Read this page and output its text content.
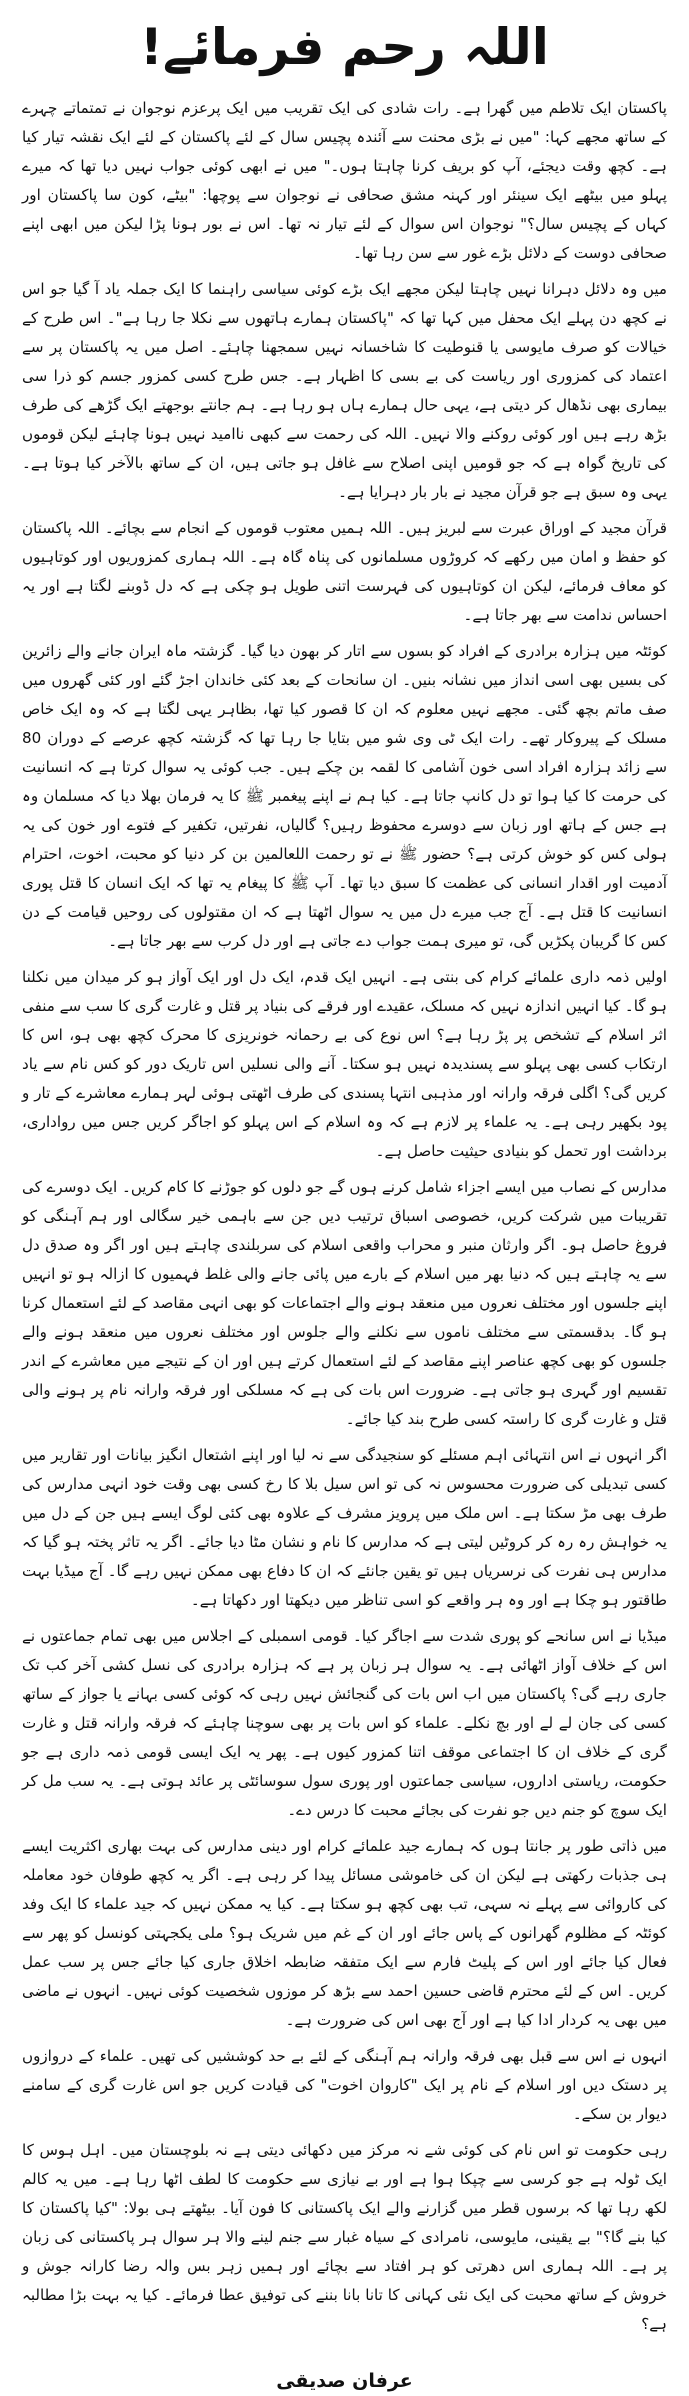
اللہ رحم فرمائے!

پاکستان ایک تلاطم میں گھرا ہے۔ رات شادی کی ایک تقریب میں ایک پرعزم نوجوان نے تمتماتے چہرے کے ساتھ مجھے کہا: "میں نے بڑی محنت سے آئندہ پچیس سال کے لئے پاکستان کے لئے ایک نقشہ تیار کیا ہے۔ کچھ وقت دیجئے، آپ کو بریف کرنا چاہتا ہوں۔" میں نے ابھی کوئی جواب نہیں دیا تھا کہ میرے پہلو میں بیٹھے ایک سینئر اور کہنہ مشق صحافی نے نوجوان سے پوچھا: "بیٹے، کون سا پاکستان اور کہاں کے پچیس سال؟" نوجوان اس سوال کے لئے تیار نہ تھا۔ اس نے بور ہونا پڑا لیکن میں ابھی اپنے صحافی دوست کے دلائل بڑے غور سے سن رہا تھا۔

میں وہ دلائل دہرانا نہیں چاہتا لیکن مجھے ایک بڑے کوئی سیاسی راہنما کا ایک جملہ یاد آ گیا جو اس نے کچھ دن پہلے ایک محفل میں کہا تھا کہ "پاکستان ہمارے ہاتھوں سے نکلا جا رہا ہے"۔ اس طرح کے خیالات کو صرف مایوسی یا قنوطیت کا شاخسانہ نہیں سمجھنا چاہئے۔ اصل میں یہ پاکستان پر سے اعتماد کی کمزوری اور ریاست کی بے بسی کا اظہار ہے۔ جس طرح کسی کمزور جسم کو ذرا سی بیماری بھی نڈھال کر دیتی ہے، یہی حال ہمارے ہاں ہو رہا ہے۔ ہم جانتے بوجھتے ایک گڑھے کی طرف بڑھ رہے ہیں اور کوئی روکنے والا نہیں۔ اللہ کی رحمت سے کبھی ناامید نہیں ہونا چاہئے لیکن قوموں کی تاریخ گواہ ہے کہ جو قومیں اپنی اصلاح سے غافل ہو جاتی ہیں، ان کے ساتھ بالآخر کیا ہوتا ہے۔ یہی وہ سبق ہے جو قرآن مجید نے بار بار دہرایا ہے۔

قرآن مجید کے اوراق عبرت سے لبریز ہیں۔ اللہ ہمیں معتوب قوموں کے انجام سے بچائے۔ اللہ پاکستان کو حفظ و امان میں رکھے کہ کروڑوں مسلمانوں کی پناہ گاہ ہے۔ اللہ ہماری کمزوریوں اور کوتاہیوں کو معاف فرمائے، لیکن ان کوتاہیوں کی فہرست اتنی طویل ہو چکی ہے کہ دل ڈوبنے لگتا ہے اور یہ احساس ندامت سے بھر جاتا ہے۔

کوئٹہ میں ہزارہ برادری کے افراد کو بسوں سے اتار کر بھون دیا گیا۔ گزشتہ ماہ ایران جانے والے زائرین کی بسیں بھی اسی انداز میں نشانہ بنیں۔ ان سانحات کے بعد کئی خاندان اجڑ گئے اور کئی گھروں میں صف ماتم بچھ گئی۔ مجھے نہیں معلوم کہ ان کا قصور کیا تھا، بظاہر یہی لگتا ہے کہ وہ ایک خاص مسلک کے پیروکار تھے۔ رات ایک ٹی وی شو میں بتایا جا رہا تھا کہ گزشتہ کچھ عرصے کے دوران 80 سے زائد ہزارہ افراد اسی خون آشامی کا لقمہ بن چکے ہیں۔ جب کوئی یہ سوال کرتا ہے کہ انسانیت کی حرمت کا کیا ہوا تو دل کانپ جاتا ہے۔ کیا ہم نے اپنے پیغمبر ﷺ کا یہ فرمان بھلا دیا کہ مسلمان وہ ہے جس کے ہاتھ اور زبان سے دوسرے محفوظ رہیں؟ گالیاں، نفرتیں، تکفیر کے فتوے اور خون کی یہ ہولی کس کو خوش کرتی ہے؟ حضور ﷺ نے تو رحمت اللعالمین بن کر دنیا کو محبت، اخوت، احترام آدمیت اور اقدار انسانی کی عظمت کا سبق دیا تھا۔ آپ ﷺ کا پیغام یہ تھا کہ ایک انسان کا قتل پوری انسانیت کا قتل ہے۔ آج جب میرے دل میں یہ سوال اٹھتا ہے کہ ان مقتولوں کی روحیں قیامت کے دن کس کا گریبان پکڑیں گی، تو میری ہمت جواب دے جاتی ہے اور دل کرب سے بھر جاتا ہے۔

اولیں ذمہ داری علمائے کرام کی بنتی ہے۔ انہیں ایک قدم، ایک دل اور ایک آواز ہو کر میدان میں نکلنا ہو گا۔ کیا انہیں اندازہ نہیں کہ مسلک، عقیدے اور فرقے کی بنیاد پر قتل و غارت گری کا سب سے منفی اثر اسلام کے تشخص پر پڑ رہا ہے؟ اس نوع کی بے رحمانہ خونریزی کا محرک کچھ بھی ہو، اس کا ارتکاب کسی بھی پہلو سے پسندیدہ نہیں ہو سکتا۔ آنے والی نسلیں اس تاریک دور کو کس نام سے یاد کریں گی؟ اگلی فرقہ وارانہ اور مذہبی انتہا پسندی کی طرف اٹھتی ہوئی لہر ہمارے معاشرے کے تار و پود بکھیر رہی ہے۔ یہ علماء پر لازم ہے کہ وہ اسلام کے اس پہلو کو اجاگر کریں جس میں رواداری، برداشت اور تحمل کو بنیادی حیثیت حاصل ہے۔

مدارس کے نصاب میں ایسے اجزاء شامل کرنے ہوں گے جو دلوں کو جوڑنے کا کام کریں۔ ایک دوسرے کی تقریبات میں شرکت کریں، خصوصی اسباق ترتیب دیں جن سے باہمی خیر سگالی اور ہم آہنگی کو فروغ حاصل ہو۔ اگر وارثان منبر و محراب واقعی اسلام کی سربلندی چاہتے ہیں اور اگر وہ صدق دل سے یہ چاہتے ہیں کہ دنیا بھر میں اسلام کے بارے میں پائی جانے والی غلط فہمیوں کا ازالہ ہو تو انہیں اپنے جلسوں اور مختلف نعروں میں منعقد ہونے والے اجتماعات کو بھی انہی مقاصد کے لئے استعمال کرنا ہو گا۔ بدقسمتی سے مختلف ناموں سے نکلنے والے جلوس اور مختلف نعروں میں منعقد ہونے والے جلسوں کو بھی کچھ عناصر اپنے مقاصد کے لئے استعمال کرتے ہیں اور ان کے نتیجے میں معاشرے کے اندر تقسیم اور گہری ہو جاتی ہے۔ ضرورت اس بات کی ہے کہ مسلکی اور فرقہ وارانہ نام پر ہونے والی قتل و غارت گری کا راستہ کسی طرح بند کیا جائے۔

اگر انہوں نے اس انتہائی اہم مسئلے کو سنجیدگی سے نہ لیا اور اپنے اشتعال انگیز بیانات اور تقاریر میں کسی تبدیلی کی ضرورت محسوس نہ کی تو اس سیل بلا کا رخ کسی بھی وقت خود انہی مدارس کی طرف بھی مڑ سکتا ہے۔ اس ملک میں پرویز مشرف کے علاوہ بھی کئی لوگ ایسے ہیں جن کے دل میں یہ خواہش رہ رہ کر کروٹیں لیتی ہے کہ مدارس کا نام و نشان مٹا دیا جائے۔ اگر یہ تاثر پختہ ہو گیا کہ مدارس ہی نفرت کی نرسریاں ہیں تو یقین جانئے کہ ان کا دفاع بھی ممکن نہیں رہے گا۔ آج میڈیا بہت طاقتور ہو چکا ہے اور وہ ہر واقعے کو اسی تناظر میں دیکھتا اور دکھاتا ہے۔

میڈیا نے اس سانحے کو پوری شدت سے اجاگر کیا۔ قومی اسمبلی کے اجلاس میں بھی تمام جماعتوں نے اس کے خلاف آواز اٹھائی ہے۔ یہ سوال ہر زبان پر ہے کہ ہزارہ برادری کی نسل کشی آخر کب تک جاری رہے گی؟ پاکستان میں اب اس بات کی گنجائش نہیں رہی کہ کوئی کسی بہانے یا جواز کے ساتھ کسی کی جان لے لے اور بچ نکلے۔ علماء کو اس بات پر بھی سوچنا چاہئے کہ فرقہ وارانہ قتل و غارت گری کے خلاف ان کا اجتماعی موقف اتنا کمزور کیوں ہے۔ پھر یہ ایک ایسی قومی ذمہ داری ہے جو حکومت، ریاستی اداروں، سیاسی جماعتوں اور پوری سول سوسائٹی پر عائد ہوتی ہے۔ یہ سب مل کر ایک سوچ کو جنم دیں جو نفرت کی بجائے محبت کا درس دے۔

میں ذاتی طور پر جانتا ہوں کہ ہمارے جید علمائے کرام اور دینی مدارس کی بہت بھاری اکثریت ایسے ہی جذبات رکھتی ہے لیکن ان کی خاموشی مسائل پیدا کر رہی ہے۔ اگر یہ کچھ طوفان خود معاملہ کی کاروائی سے پہلے نہ سہی، تب بھی کچھ ہو سکتا ہے۔ کیا یہ ممکن نہیں کہ جید علماء کا ایک وفد کوئٹہ کے مظلوم گھرانوں کے پاس جائے اور ان کے غم میں شریک ہو؟ ملی یکجہتی کونسل کو پھر سے فعال کیا جائے اور اس کے پلیٹ فارم سے ایک متفقہ ضابطہ اخلاق جاری کیا جائے جس پر سب عمل کریں۔ اس کے لئے محترم قاضی حسین احمد سے بڑھ کر موزوں شخصیت کوئی نہیں۔ انہوں نے ماضی میں بھی یہ کردار ادا کیا ہے اور آج بھی اس کی ضرورت ہے۔

انہوں نے اس سے قبل بھی فرقہ وارانہ ہم آہنگی کے لئے بے حد کوششیں کی تھیں۔ علماء کے دروازوں پر دستک دیں اور اسلام کے نام پر ایک "کاروان اخوت" کی قیادت کریں جو اس غارت گری کے سامنے دیوار بن سکے۔

رہی حکومت تو اس نام کی کوئی شے نہ مرکز میں دکھائی دیتی ہے نہ بلوچستان میں۔ اہل ہوس کا ایک ٹولہ ہے جو کرسی سے چپکا ہوا ہے اور بے نیازی سے حکومت کا لطف اٹھا رہا ہے۔ میں یہ کالم لکھ رہا تھا کہ برسوں قطر میں گزارنے والے ایک پاکستانی کا فون آیا۔ بیٹھتے ہی بولا: "کیا پاکستان کا کیا بنے گا؟" بے یقینی، مایوسی، نامرادی کے سیاہ غبار سے جنم لینے والا ہر سوال ہر پاکستانی کی زبان پر ہے۔ اللہ ہماری اس دھرتی کو ہر افتاد سے بچائے اور ہمیں زہر بس والہ رضا کارانہ جوش و خروش کے ساتھ محبت کی ایک نئی کہانی کا تانا بانا بننے کی توفیق عطا فرمائے۔ کیا یہ بہت بڑا مطالبہ ہے؟

عرفان صدیقی
